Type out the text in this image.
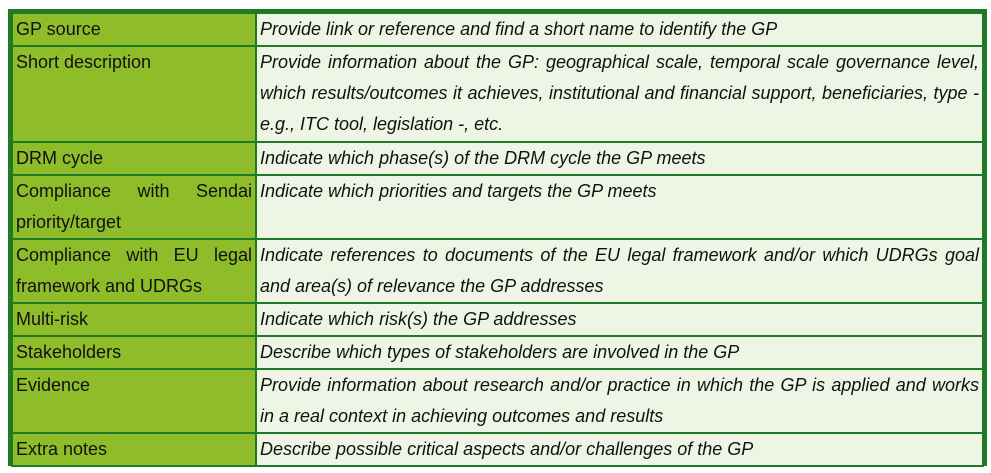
GP source	Provide link or reference and find a short name to identify the GP
Short description	Provide information about the GP: geographical scale, temporal scale governance level, which results/outcomes it achieves, institutional and financial support, beneficiaries, type - e.g., ITC tool, legislation -, etc.
DRM cycle	Indicate which phase(s) of the DRM cycle the GP meets
Compliance with Sendai priority/target	Indicate which priorities and targets the GP meets
Compliance with EU legal framework and UDRGs	Indicate references to documents of the EU legal framework and/or which UDRGs goal and area(s) of relevance the GP addresses
Multi-risk	Indicate which risk(s) the GP addresses
Stakeholders	Describe which types of stakeholders are involved in the GP
Evidence	Provide information about research and/or practice in which the GP is applied and works in a real context in achieving outcomes and results
Extra notes	Describe possible critical aspects and/or challenges of the GP
